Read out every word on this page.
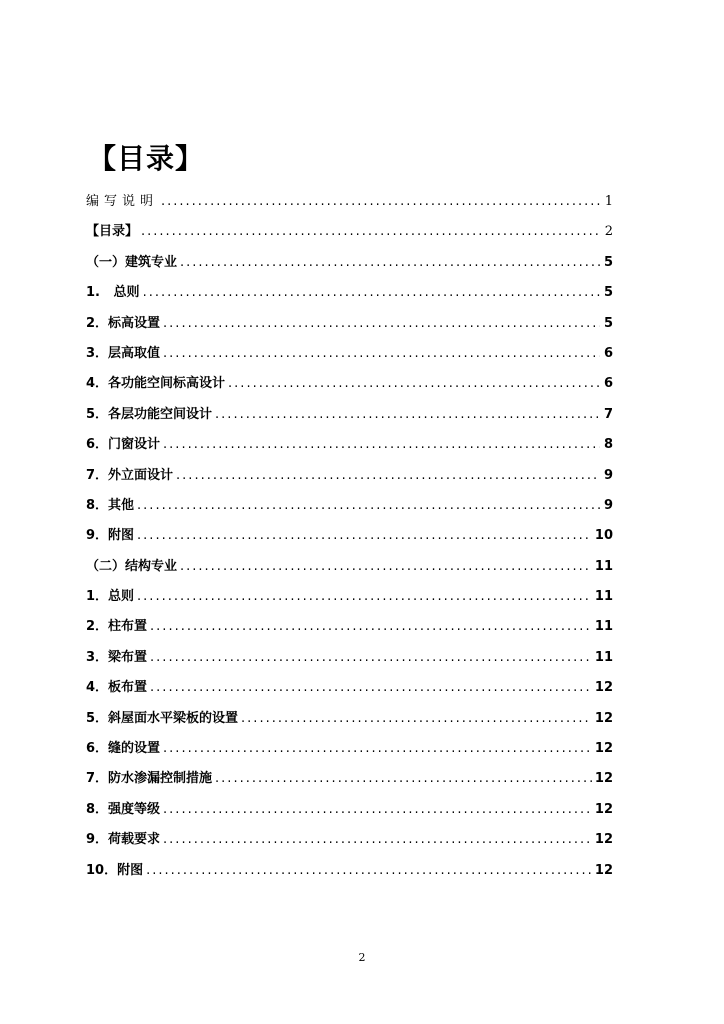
【目录】
编写说明 .....	1
【目录】 .....	2
（一）建筑专业 .....	5
1.   总则 .....	5
2．标高设置 .....	5
3．层高取值 .....	6
4．各功能空间标高设计 .....	6
5．各层功能空间设计 .....	7
6．门窗设计 .....	8
7．外立面设计 .....	9
8．其他 .....	9
9．附图 .....	10
（二）结构专业 .....	11
1．总则 .....	11
2．柱布置 .....	11
3．梁布置 .....	11
4．板布置 .....	12
5．斜屋面水平梁板的设置 .....	12
6．缝的设置 .....	12
7．防水渗漏控制措施 .....	12
8．强度等级 .....	12
9．荷载要求 .....	12
10．附图 .....	12
2
